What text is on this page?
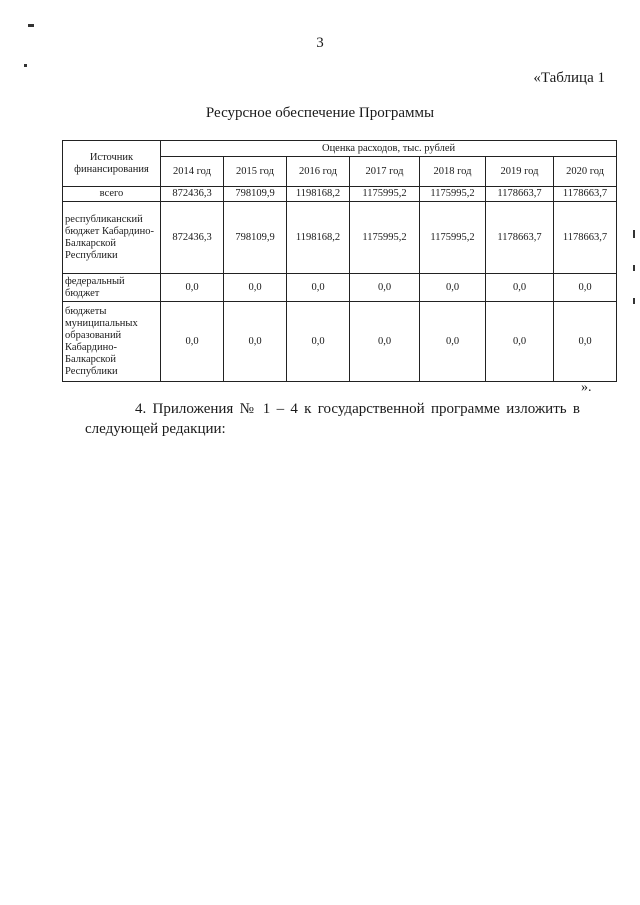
3
«Таблица 1
Ресурсное обеспечение Программы
Источник финансирования	Оценка расходов, тыс. рублей						
	2014 год	2015 год	2016 год	2017 год	2018 год	2019 год	2020 год
всего	872436,3	798109,9	1198168,2	1175995,2	1175995,2	1178663,7	1178663,7
республиканский бюджет Кабардино-Балкарской Республики	872436,3	798109,9	1198168,2	1175995,2	1175995,2	1178663,7	1178663,7
федеральный бюджет	0,0	0,0	0,0	0,0	0,0	0,0	0,0
бюджеты муниципальных образований Кабардино-Балкарской Республики	0,0	0,0	0,0	0,0	0,0	0,0	0,0
».
4. Приложения № 1 – 4 к государственной программе изложить в
следующей редакции:
